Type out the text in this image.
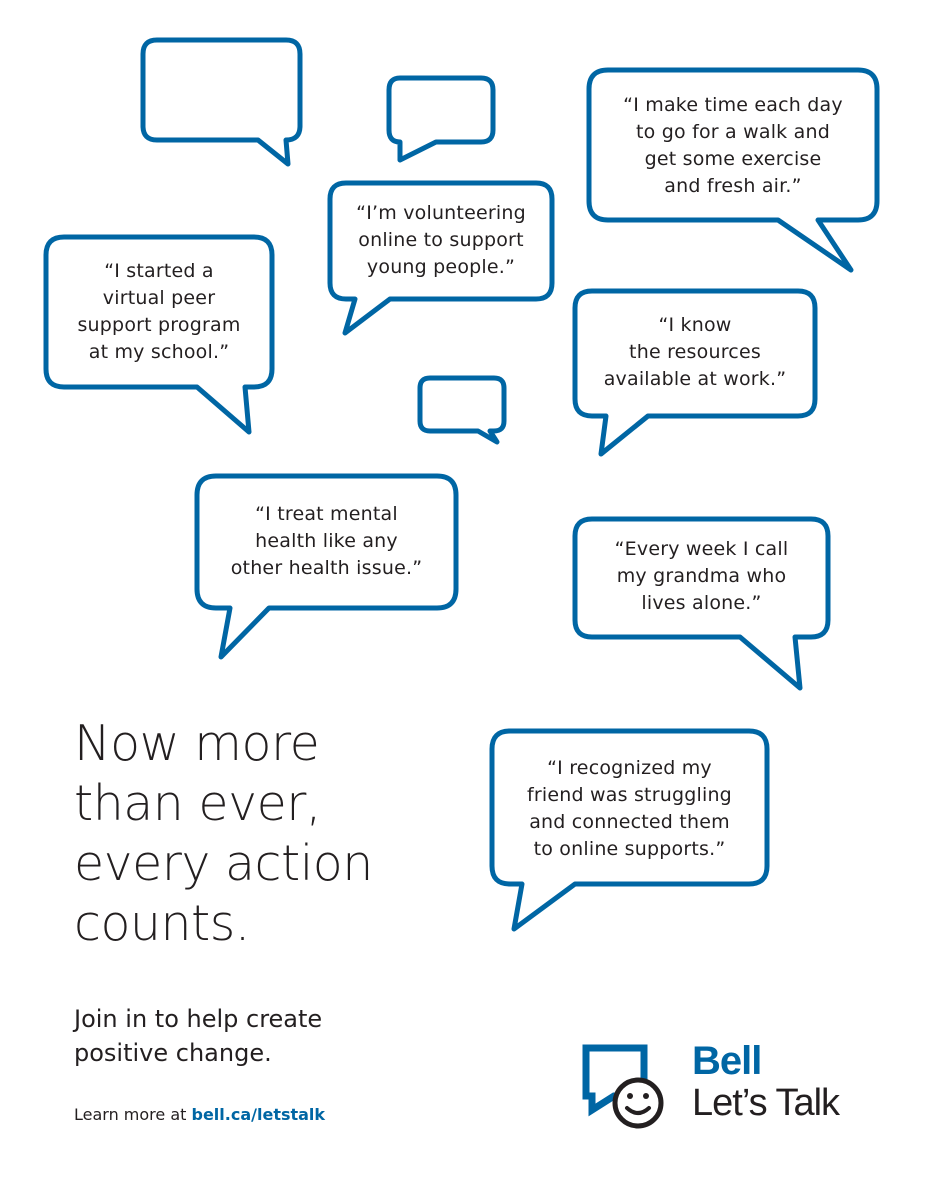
“I make time each day
to go for a walk and
get some exercise
and fresh air.”
“I’m volunteering
online to support
young people.”
“I started a
virtual peer
support program
at my school.”
“I know
the resources
available at work.”
“I treat mental
health like any
other health issue.”
“Every week I call
my grandma who
lives alone.”
“I recognized my
friend was struggling
and connected them
to online supports.”
Now more
than ever,
every action
counts.
Join in to help create
positive change.
Learn more at bell.ca/letstalk
Bell
Let’s Talk
